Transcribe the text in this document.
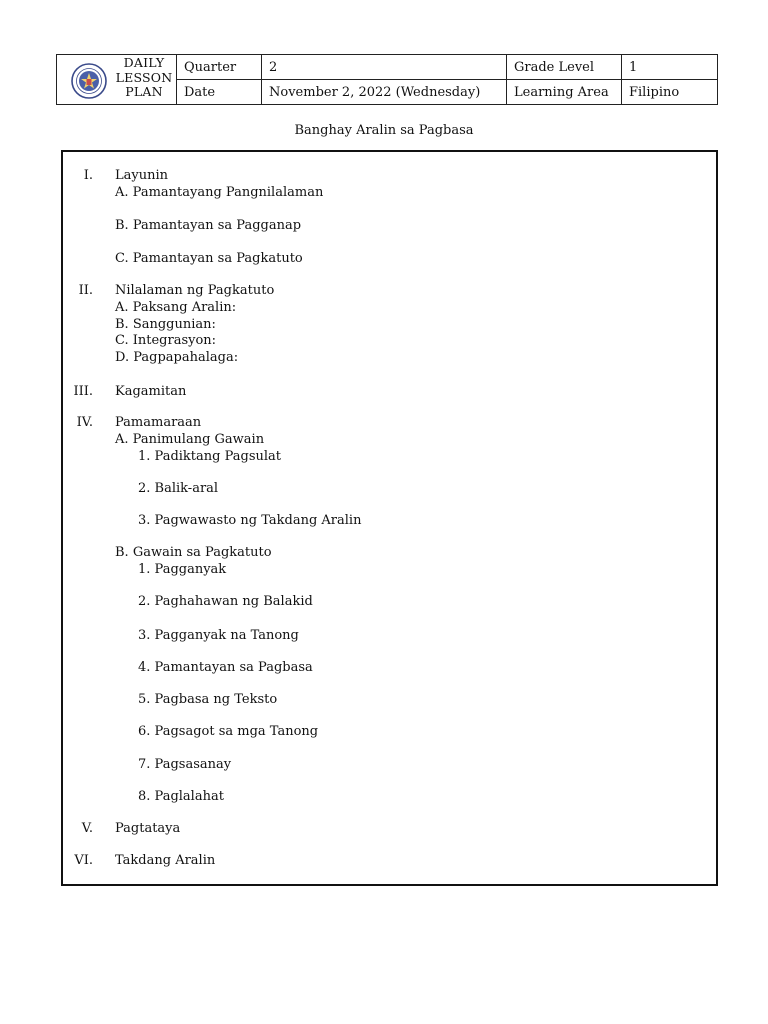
DAILY
LESSON
PLAN	Quarter	2	Grade Level	1
	Date	November 2, 2022 (Wednesday)	Learning Area	Filipino
Banghay Aralin sa Pagbasa
I. Layunin
A. Pamantayang Pangnilalaman
B. Pamantayan sa Pagganap
C. Pamantayan sa Pagkatuto
II. Nilalaman ng Pagkatuto
A. Paksang Aralin:
B. Sanggunian:
C. Integrasyon:
D. Pagpapahalaga:
III. Kagamitan
IV. Pamamaraan
A. Panimulang Gawain
1. Padiktang Pagsulat
2. Balik-aral
3. Pagwawasto ng Takdang Aralin
B. Gawain sa Pagkatuto
1. Pagganyak
2. Paghahawan ng Balakid
3. Pagganyak na Tanong
4. Pamantayan sa Pagbasa
5. Pagbasa ng Teksto
6. Pagsagot sa mga Tanong
7. Pagsasanay
8. Paglalahat
V. Pagtataya
VI. Takdang Aralin
